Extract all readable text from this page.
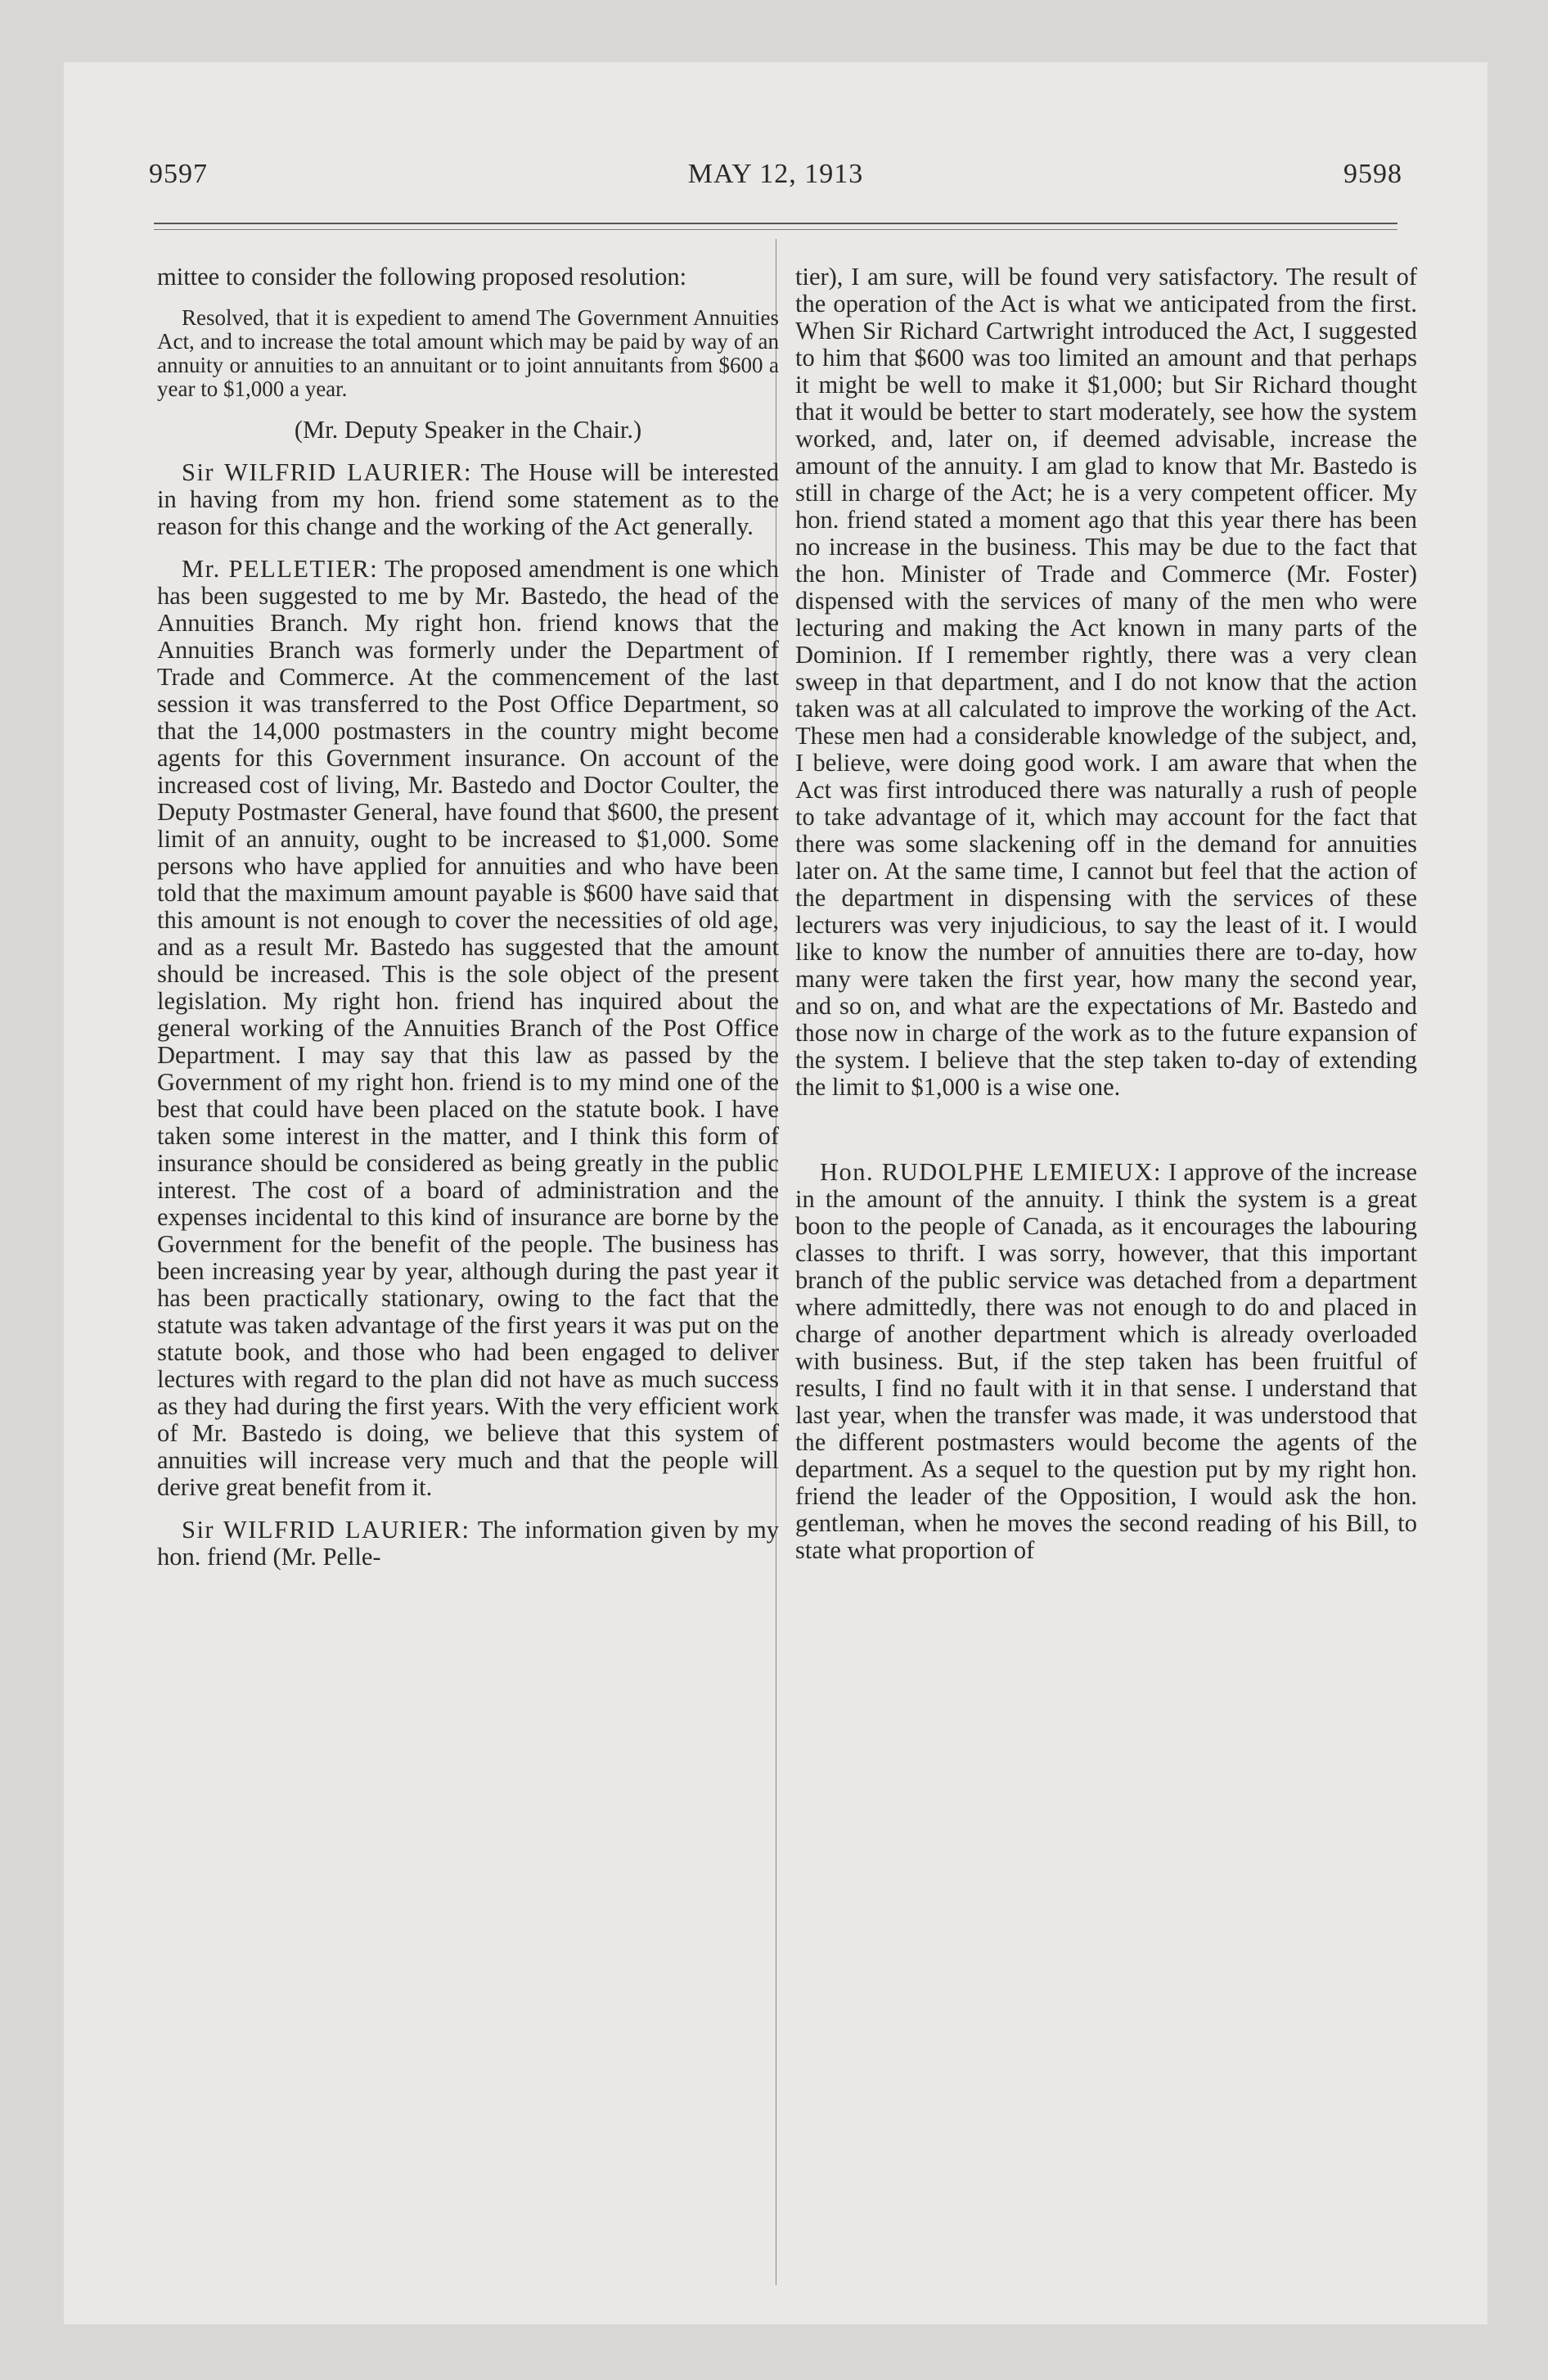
9597	MAY 12, 1913	9598

mittee to consider the following proposed resolution:

Resolved, that it is expedient to amend The Government Annuities Act, and to increase the total amount which may be paid by way of an annuity or annuities to an annuitant or to joint annuitants from $600 a year to $1,000 a year.

(Mr. Deputy Speaker in the Chair.)

Sir WILFRID LAURIER: The House will be interested in having from my hon. friend some statement as to the reason for this change and the working of the Act generally.

Mr. PELLETIER: The proposed amendment is one which has been suggested to me by Mr. Bastedo, the head of the Annuities Branch. My right hon. friend knows that the Annuities Branch was formerly under the Department of Trade and Commerce. At the commencement of the last session it was transferred to the Post Office Department, so that the 14,000 postmasters in the country might become agents for this Government insurance. On account of the increased cost of living, Mr. Bastedo and Doctor Coulter, the Deputy Postmaster General, have found that $600, the present limit of an annuity, ought to be increased to $1,000. Some persons who have applied for annuities and who have been told that the maximum amount payable is $600 have said that this amount is not enough to cover the necessities of old age, and as a result Mr. Bastedo has suggested that the amount should be increased. This is the sole object of the present legislation. My right hon. friend has inquired about the general working of the Annuities Branch of the Post Office Department. I may say that this law as passed by the Government of my right hon. friend is to my mind one of the best that could have been placed on the statute book. I have taken some interest in the matter, and I think this form of insurance should be considered as being greatly in the public interest. The cost of a board of administration and the expenses incidental to this kind of insurance are borne by the Government for the benefit of the people. The business has been increasing year by year, although during the past year it has been practically stationary, owing to the fact that the statute was taken advantage of the first years it was put on the statute book, and those who had been engaged to deliver lectures with regard to the plan did not have as much success as they had during the first years. With the very efficient work of Mr. Bastedo is doing, we believe that this system of annuities will increase very much and that the people will derive great benefit from it.

Sir WILFRID LAURIER: The information given by my hon. friend (Mr. Pelle-

tier), I am sure, will be found very satisfactory. The result of the operation of the Act is what we anticipated from the first. When Sir Richard Cartwright introduced the Act, I suggested to him that $600 was too limited an amount and that perhaps it might be well to make it $1,000; but Sir Richard thought that it would be better to start moderately, see how the system worked, and, later on, if deemed advisable, increase the amount of the annuity. I am glad to know that Mr. Bastedo is still in charge of the Act; he is a very competent officer. My hon. friend stated a moment ago that this year there has been no increase in the business. This may be due to the fact that the hon. Minister of Trade and Commerce (Mr. Foster) dispensed with the services of many of the men who were lecturing and making the Act known in many parts of the Dominion. If I remember rightly, there was a very clean sweep in that department, and I do not know that the action taken was at all calculated to improve the working of the Act. These men had a considerable knowledge of the subject, and, I believe, were doing good work. I am aware that when the Act was first introduced there was naturally a rush of people to take advantage of it, which may account for the fact that there was some slackening off in the demand for annuities later on. At the same time, I cannot but feel that the action of the department in dispensing with the services of these lecturers was very injudicious, to say the least of it. I would like to know the number of annuities there are to-day, how many were taken the first year, how many the second year, and so on, and what are the expectations of Mr. Bastedo and those now in charge of the work as to the future expansion of the system. I believe that the step taken to-day of extending the limit to $1,000 is a wise one.

Hon. RUDOLPHE LEMIEUX: I approve of the increase in the amount of the annuity. I think the system is a great boon to the people of Canada, as it encourages the labouring classes to thrift. I was sorry, however, that this important branch of the public service was detached from a department where admittedly, there was not enough to do and placed in charge of another department which is already overloaded with business. But, if the step taken has been fruitful of results, I find no fault with it in that sense. I understand that last year, when the transfer was made, it was understood that the different postmasters would become the agents of the department. As a sequel to the question put by my right hon. friend the leader of the Opposition, I would ask the hon. gentleman, when he moves the second reading of his Bill, to state what proportion of
